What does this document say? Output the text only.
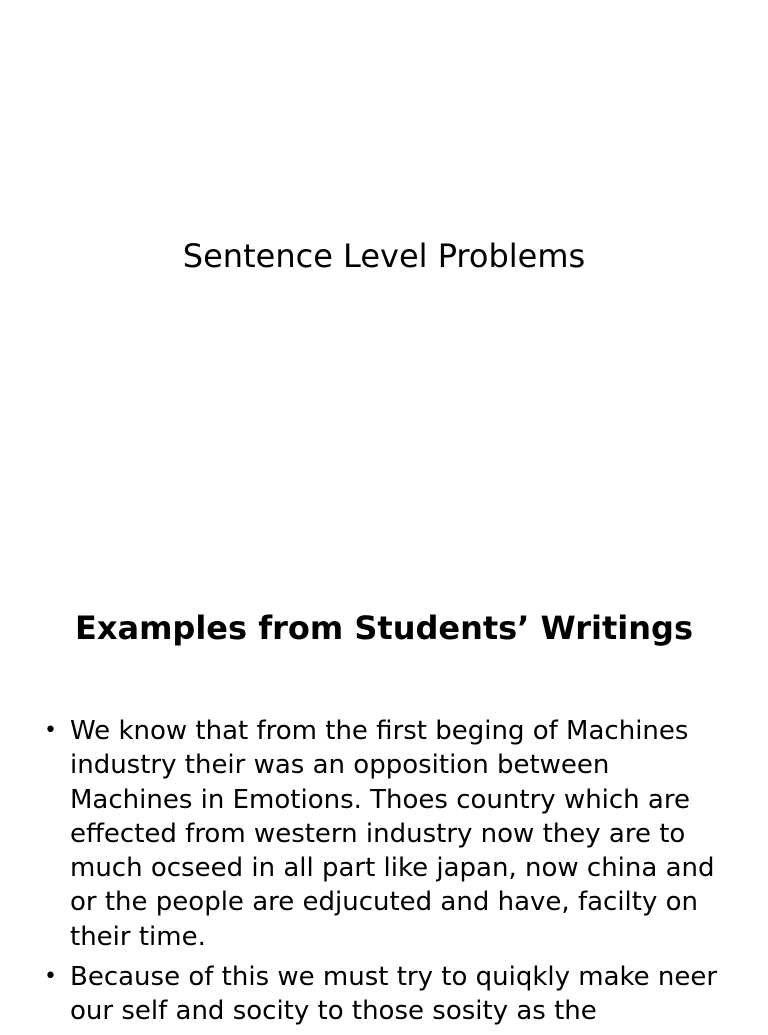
Sentence Level Problems
Examples from Students’ Writings
• We know that from the first beging of Machines industry their was an opposition between Machines in Emotions. Thoes country which are effected from western industry now they are to much ocseed in all part like japan, now china and or the people are edjucuted and have, facilty on their time.
• Because of this we must try to quiqkly make neer our self and socity to those sosity as the
